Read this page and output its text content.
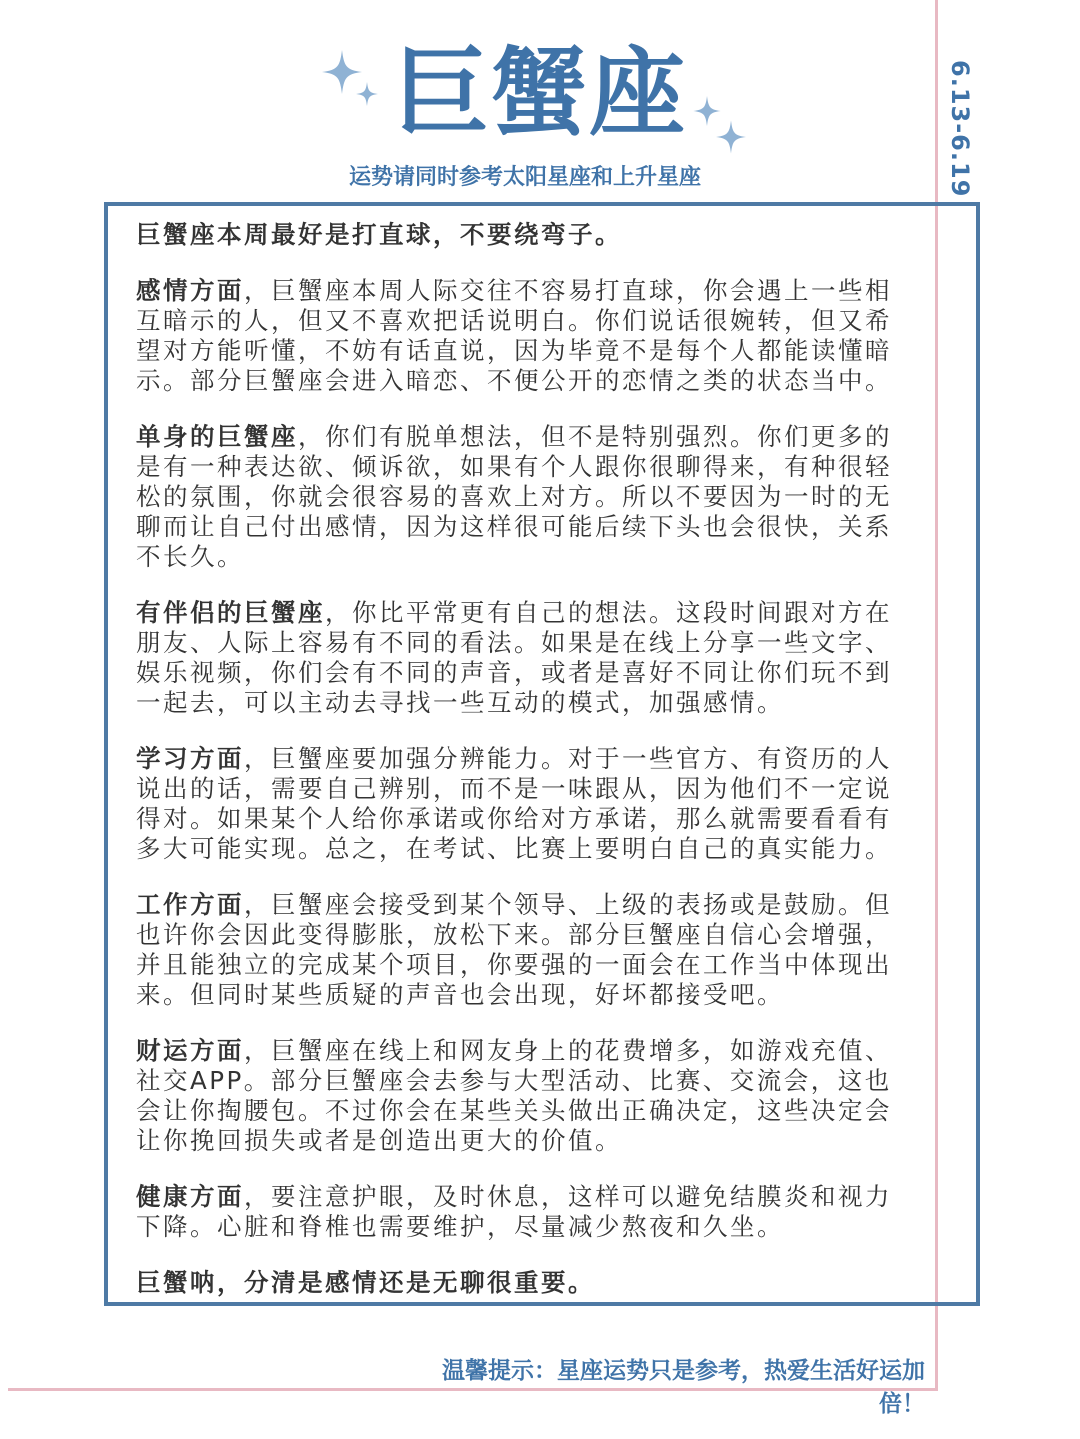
巨蟹座
运势请同时参考太阳星座和上升星座	6.13-6.19

巨蟹座本周最好是打直球，不要绕弯子。

感情方面，巨蟹座本周人际交往不容易打直球，你会遇上一些相互暗示的人，但又不喜欢把话说明白。你们说话很婉转，但又希望对方能听懂，不妨有话直说，因为毕竟不是每个人都能读懂暗示。部分巨蟹座会进入暗恋、不便公开的恋情之类的状态当中。

单身的巨蟹座，你们有脱单想法，但不是特别强烈。你们更多的是有一种表达欲、倾诉欲，如果有个人跟你很聊得来，有种很轻松的氛围，你就会很容易的喜欢上对方。所以不要因为一时的无聊而让自己付出感情，因为这样很可能后续下头也会很快，关系不长久。

有伴侣的巨蟹座，你比平常更有自己的想法。这段时间跟对方在朋友、人际上容易有不同的看法。如果是在线上分享一些文字、娱乐视频，你们会有不同的声音，或者是喜好不同让你们玩不到一起去，可以主动去寻找一些互动的模式，加强感情。

学习方面，巨蟹座要加强分辨能力。对于一些官方、有资历的人说出的话，需要自己辨别，而不是一味跟从，因为他们不一定说得对。如果某个人给你承诺或你给对方承诺，那么就需要看看有多大可能实现。总之，在考试、比赛上要明白自己的真实能力。

工作方面，巨蟹座会接受到某个领导、上级的表扬或是鼓励。但也许你会因此变得膨胀，放松下来。部分巨蟹座自信心会增强，并且能独立的完成某个项目，你要强的一面会在工作当中体现出来。但同时某些质疑的声音也会出现，好坏都接受吧。

财运方面，巨蟹座在线上和网友身上的花费增多，如游戏充值、社交APP。部分巨蟹座会去参与大型活动、比赛、交流会，这也会让你掏腰包。不过你会在某些关头做出正确决定，这些决定会让你挽回损失或者是创造出更大的价值。

健康方面，要注意护眼，及时休息，这样可以避免结膜炎和视力下降。心脏和脊椎也需要维护，尽量减少熬夜和久坐。

巨蟹呐，分清是感情还是无聊很重要。

温馨提示：星座运势只是参考，热爱生活好运加倍！
